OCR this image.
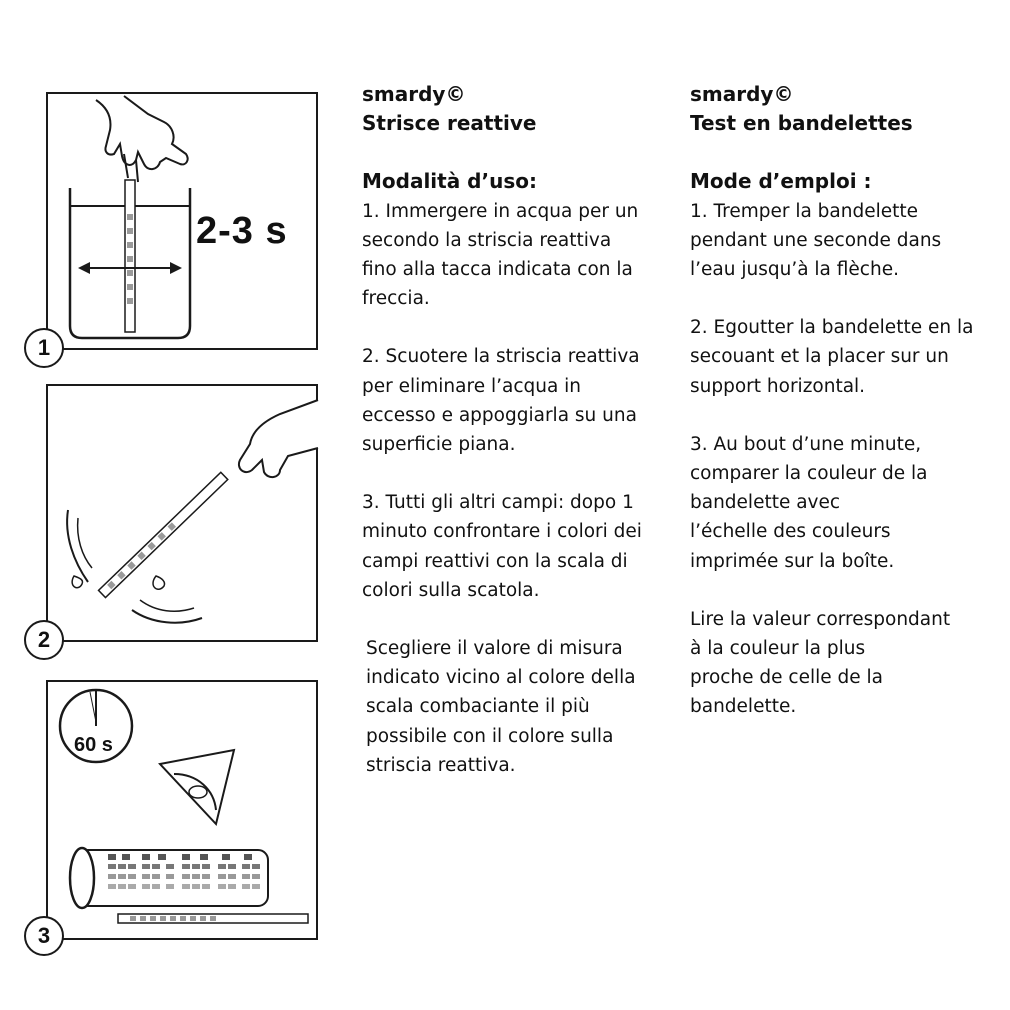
2-3 s
1
2
60 s
3

smardy©

Strisce reattive

Modalità d’uso:

1. Immergere in acqua per un
secondo la striscia reattiva
fino alla tacca indicata con la
freccia.

2. Scuotere la striscia reattiva
per eliminare l’acqua in
eccesso e appoggiarla su una
superficie piana.

3. Tutti gli altri campi: dopo 1
minuto confrontare i colori dei
campi reattivi con la scala di
colori sulla scatola.

Scegliere il valore di misura
indicato vicino al colore della
scala combaciante il più
possibile con il colore sulla
striscia reattiva.

smardy©

Test en bandelettes

Mode d’emploi :

1. Tremper la bandelette
pendant une seconde dans
l’eau jusqu’à la flèche.

2. Egoutter la bandelette en la
secouant et la placer sur un
support horizontal.

3. Au bout d’une minute,
comparer la couleur de la
bandelette avec
l’échelle des couleurs
imprimée sur la boîte.

Lire la valeur correspondant
à la couleur la plus
proche de celle de la
bandelette.
